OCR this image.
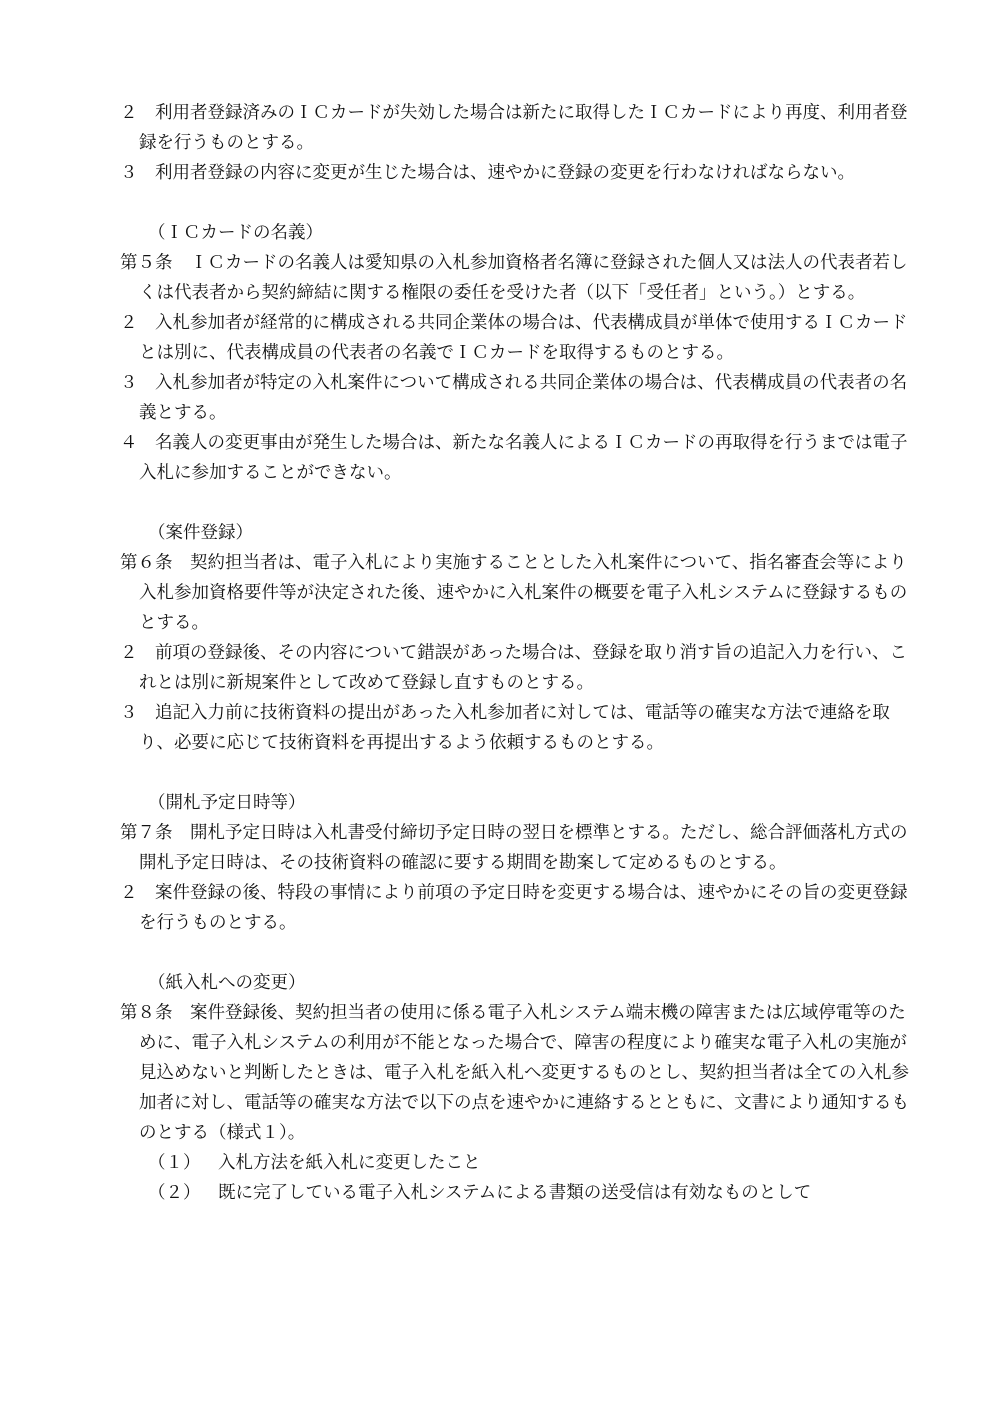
２　利用者登録済みのＩＣカードが失効した場合は新たに取得したＩＣカードにより再度、利用者登録を行うものとする。

３　利用者登録の内容に変更が生じた場合は、速やかに登録の変更を行わなければならない。

（ＩＣカードの名義）

第５条　ＩＣカードの名義人は愛知県の入札参加資格者名簿に登録された個人又は法人の代表者若しくは代表者から契約締結に関する権限の委任を受けた者（以下「受任者」という。）とする。

２　入札参加者が経常的に構成される共同企業体の場合は、代表構成員が単体で使用するＩＣカードとは別に、代表構成員の代表者の名義でＩＣカードを取得するものとする。

３　入札参加者が特定の入札案件について構成される共同企業体の場合は、代表構成員の代表者の名義とする。

４　名義人の変更事由が発生した場合は、新たな名義人によるＩＣカードの再取得を行うまでは電子入札に参加することができない。

（案件登録）

第６条　契約担当者は、電子入札により実施することとした入札案件について、指名審査会等により入札参加資格要件等が決定された後、速やかに入札案件の概要を電子入札システムに登録するものとする。

２　前項の登録後、その内容について錯誤があった場合は、登録を取り消す旨の追記入力を行い、これとは別に新規案件として改めて登録し直すものとする。

３　追記入力前に技術資料の提出があった入札参加者に対しては、電話等の確実な方法で連絡を取り、必要に応じて技術資料を再提出するよう依頼するものとする。

（開札予定日時等）

第７条　開札予定日時は入札書受付締切予定日時の翌日を標準とする。ただし、総合評価落札方式の開札予定日時は、その技術資料の確認に要する期間を勘案して定めるものとする。

２　案件登録の後、特段の事情により前項の予定日時を変更する場合は、速やかにその旨の変更登録を行うものとする。

（紙入札への変更）

第８条　案件登録後、契約担当者の使用に係る電子入札システム端末機の障害または広域停電等のために、電子入札システムの利用が不能となった場合で、障害の程度により確実な電子入札の実施が見込めないと判断したときは、電子入札を紙入札へ変更するものとし、契約担当者は全ての入札参加者に対し、電話等の確実な方法で以下の点を速やかに連絡するとともに、文書により通知するものとする（様式１）。

（１） 入札方法を紙入札に変更したこと

（２） 既に完了している電子入札システムによる書類の送受信は有効なものとして
